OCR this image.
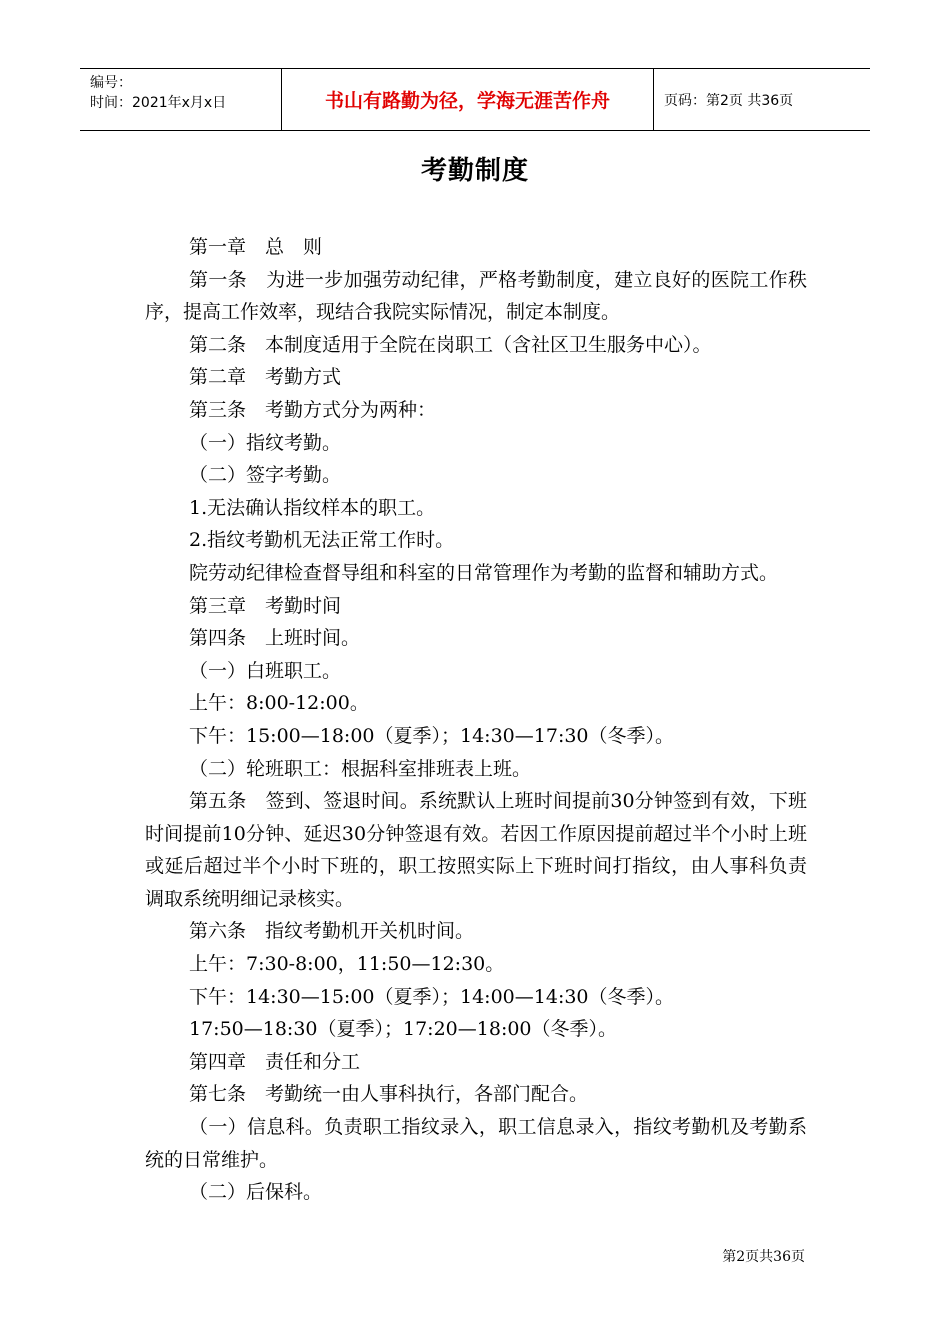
编号：
时间：2021年x月x日	书山有路勤为径，学海无涯苦作舟	页码：第2页 共36页
考勤制度
第一章　总　则
第一条　为进一步加强劳动纪律，严格考勤制度，建立良好的医院工作秩序，提高工作效率，现结合我院实际情况，制定本制度。
第二条　本制度适用于全院在岗职工（含社区卫生服务中心）。
第二章　考勤方式
第三条　考勤方式分为两种：
（一）指纹考勤。
（二）签字考勤。
1.无法确认指纹样本的职工。
2.指纹考勤机无法正常工作时。
院劳动纪律检查督导组和科室的日常管理作为考勤的监督和辅助方式。
第三章　考勤时间
第四条　上班时间。
（一）白班职工。
上午：8:00-12:00。
下午：15:00—18:00（夏季）；14:30—17:30（冬季）。
（二）轮班职工：根据科室排班表上班。
第五条　签到、签退时间。系统默认上班时间提前30分钟签到有效，下班时间提前10分钟、延迟30分钟签退有效。若因工作原因提前超过半个小时上班或延后超过半个小时下班的，职工按照实际上下班时间打指纹，由人事科负责调取系统明细记录核实。
第六条　指纹考勤机开关机时间。
上午：7:30-8:00，11:50—12:30。
下午：14:30—15:00（夏季）；14:00—14:30（冬季）。
17:50—18:30（夏季）；17:20—18:00（冬季）。
第四章　责任和分工
第七条　考勤统一由人事科执行，各部门配合。
（一）信息科。负责职工指纹录入，职工信息录入，指纹考勤机及考勤系统的日常维护。
（二）后保科。
第2页共36页
